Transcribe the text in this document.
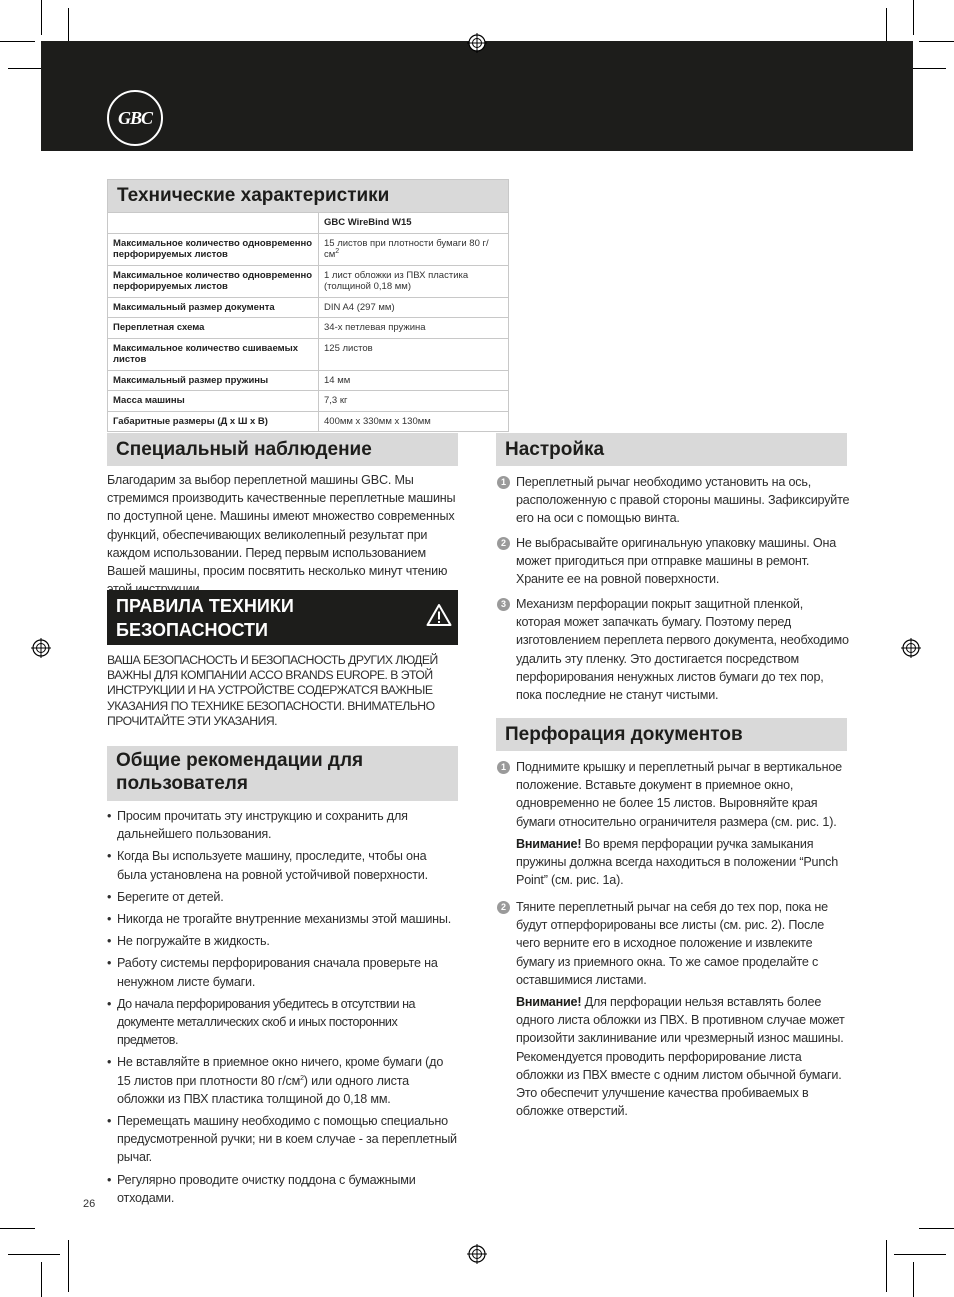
GBC
Технические характеристики
	GBC WireBind W15
Максимальное количество одновременно перфорируемых листов	15 листов при плотности бумаги 80 $г/см^2$
Максимальное количество одновременно перфорируемых листов	1 лист обложки из ПВХ пластика (толщиной 0,18 мм)
Максимальный размер документа	DIN A4 (297 мм)
Переплетная схема	34-х петлевая пружина
Максимальное количество сшиваемых листов	125 листов
Максимальный размер пружины	14 мм
Масса машины	7,3 кг
Габаритные размеры (Д х Ш х В)	400мм x 330мм x 130мм
Специальный наблюдение
Благодарим за выбор переплетной машины GBC. Мы стремимся производить качественные переплетные машины по доступной цене. Машины имеют множество современных функций, обеспечивающих великолепный результат при каждом использовании. Перед первым использованием Вашей машины, просим посвятить несколько минут чтению
ПРАВИЛА ТЕХНИКИ
БЕЗОПАСНОСТИ
ВАША БЕЗОПАСНОСТЬ И БЕЗОПАСНОСТЬ ДРУГИХ ЛЮДЕЙ ВАЖНЫ ДЛЯ КОМПАНИИ ACCO BRANDS EUROPE. В ЭТОЙ ИНСТРУКЦИИ И НА УСТРОЙСТВЕ СОДЕРЖАТСЯ ВАЖНЫЕ УКАЗАНИЯ ПО ТЕХНИКЕ БЕЗОПАСНОСТИ. ВНИМАТЕЛЬНО ПРОЧИТАЙТЕ ЭТИ УКАЗАНИЯ.
Общие рекомендации для
пользователя
• Просим прочитать эту инструкцию и сохранить для дальнейшего пользования.
• Когда Вы используете машину, проследите, чтобы она была установлена на ровной устойчивой поверхности.
• Берегите от детей.
• Никогда не трогайте внутренние механизмы этой машины.
• Не погружайте в жидкость.
• Работу системы перфорирования сначала проверьте на ненужном листе бумаги.
• До начала перфорирования убедитесь в отсутствии на документе металлических скоб и иных посторонних предметов.
• Не вставляйте в приемное окно ничего, кроме бумаги (до 15 листов при плотности 80 $г/см^2$) или одного листа обложки из ПВХ пластика толщиной до 0,18 мм.
• Перемещать машину необходимо с помощью специально предусмотренной ручки; ни в коем случае - за переплетный рычаг.
• Регулярно проводите очистку поддона с бумажными отходами.
Настройка
1 Переплетный рычаг необходимо установить на ось, расположенную с правой стороны машины. Зафиксируйте его на оси с помощью винта.
2 Не выбрасывайте оригинальную упаковку машины. Она может пригодиться при отправке машины в ремонт. Храните ее на ровной поверхности.
3 Механизм перфорации покрыт защитной пленкой, которая может запачкать бумагу. Поэтому перед изготовлением переплета первого документа, необходимо удалить эту пленку. Это достигается посредством перфорирования ненужных листов бумаги до тех пор, пока последние не станут чистыми.
Перфорация документов
1 Поднимите крышку и переплетный рычаг в вертикальное положение. Вставьте документ в приемное окно, одновременно не более 15 листов. Выровняйте края бумаги относительно ограничителя размера (см. рис. 1).
Внимание! Во время перфорации ручка замыкания пружины должна всегда находиться в положении “Punch Point” (см. рис. 1a).
2 Тяните переплетный рычаг на себя до тех пор, пока не будут отперфорированы все листы (см. рис. 2). После чего верните его в исходное положение и извлеките бумагу из приемного окна. То же самое проделайте с оставшимися листами.
Внимание! Для перфорации нельзя вставлять более одного листа обложки из ПВХ. В противном случае может произойти заклинивание или чрезмерный износ машины. Рекомендуется проводить перфорирование листа обложки из ПВХ вместе с одним листом обычной бумаги. Это обеспечит улучшение качества пробиваемых в обложке отверстий.
26
